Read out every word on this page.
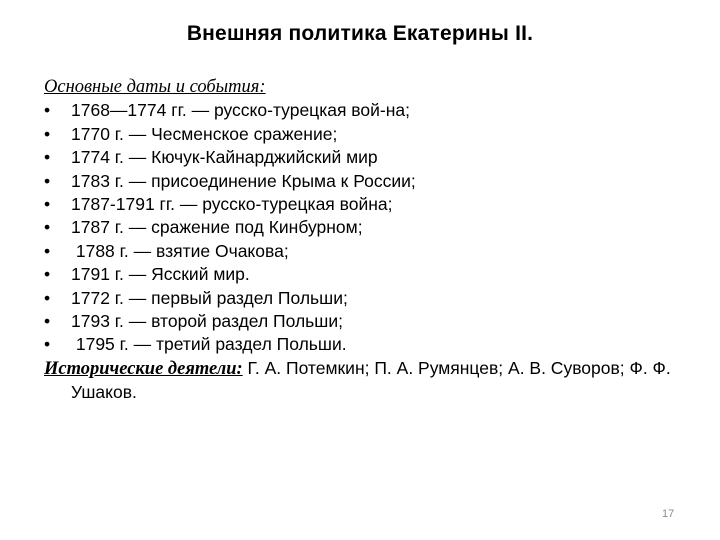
Внешняя политика Екатерины II.
Основные даты и события:
• 1768—1774 гг. — русско-турецкая вой-на;
• 1770 г. — Чесменское сражение;
• 1774 г. — Кючук-Кайнарджийский мир
• 1783 г. — присоединение Крыма к России;
• 1787-1791 гг. — русско-турецкая война;
• 1787 г. — сражение под Кинбурном;
• 1788 г. — взятие Очакова;
• 1791 г. — Ясский мир.
• 1772 г. — первый раздел Польши;
• 1793 г. — второй раздел Польши;
• 1795 г. — третий раздел Польши.
Исторические деятели: Г. А. Потемкин; П. А. Румянцев; А. В. Суворов; Ф. Ф. Ушаков.
17
